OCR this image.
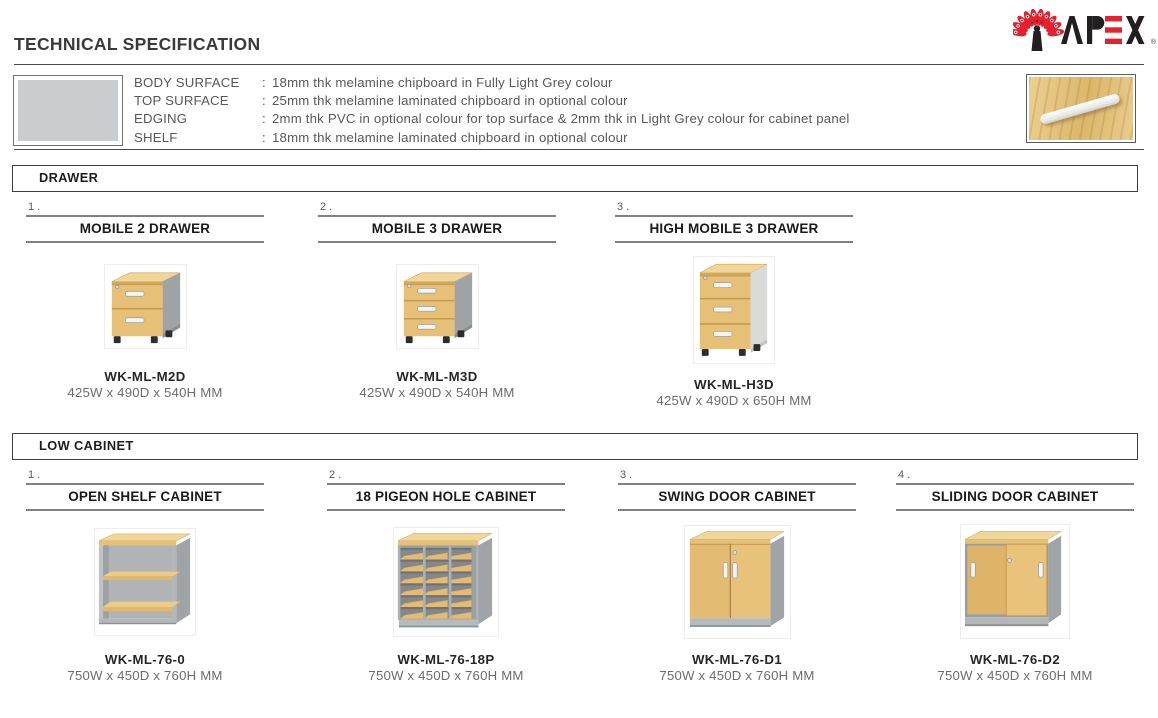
®
TECHNICAL SPECIFICATION
BODY SURFACE	: 18mm thk melamine chipboard in Fully Light Grey colour
TOP SURFACE	: 25mm thk melamine laminated chipboard in optional colour
EDGING	: 2mm thk PVC in optional colour for top surface & 2mm thk in Light Grey colour for cabinet panel
SHELF	: 18mm thk melamine laminated chipboard in optional colour
DRAWER
1 .
MOBILE 2 DRAWER
WK-ML-M2D
425W x 490D x 540H MM
2 .
MOBILE 3 DRAWER
WK-ML-M3D
425W x 490D x 540H MM
3 .
HIGH MOBILE 3 DRAWER
WK-ML-H3D
425W x 490D x 650H MM
LOW CABINET
1 .
OPEN SHELF CABINET
WK-ML-76-0
750W x 450D x 760H MM
2 .
18 PIGEON HOLE CABINET
WK-ML-76-18P
750W x 450D x 760H MM
3 .
SWING DOOR CABINET
WK-ML-76-D1
750W x 450D x 760H MM
4 .
SLIDING DOOR CABINET
WK-ML-76-D2
750W x 450D x 760H MM
